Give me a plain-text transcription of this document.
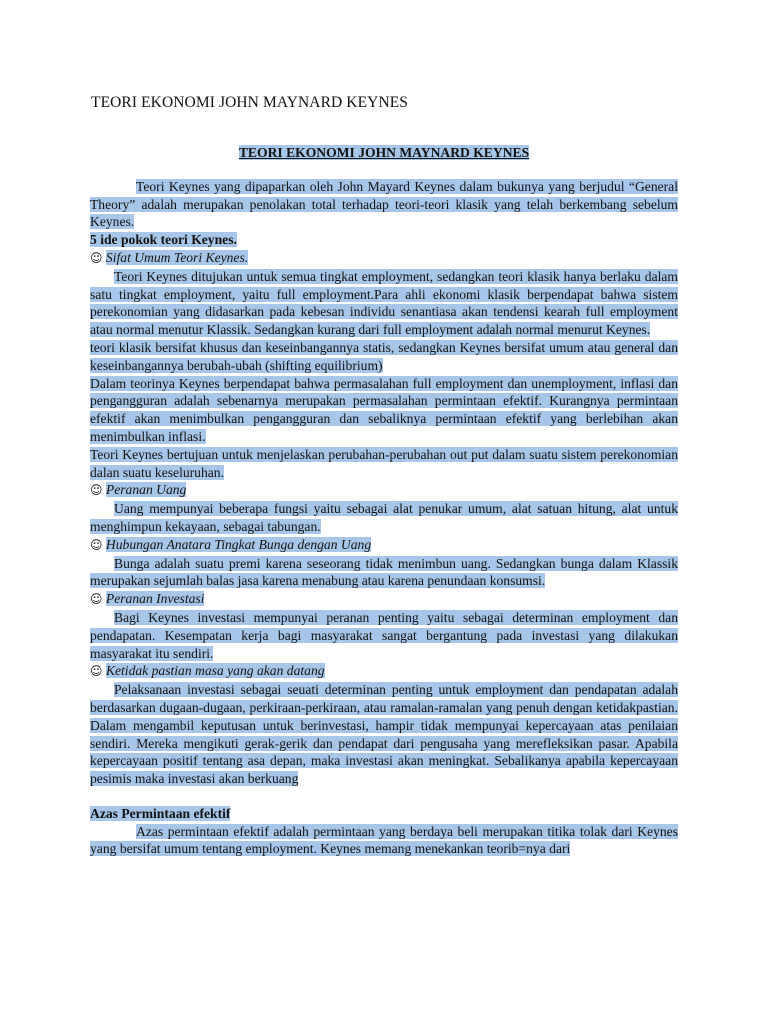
TEORI EKONOMI JOHN MAYNARD KEYNES

TEORI EKONOMI JOHN MAYNARD KEYNES

Teori Keynes yang dipaparkan oleh John Mayard Keynes dalam bukunya yang berjudul “General Theory” adalah merupakan penolakan total terhadap teori-teori klasik yang telah berkembang sebelum Keynes.

5 ide pokok teori Keynes.

☺ Sifat Umum Teori Keynes.

Teori Keynes ditujukan untuk semua tingkat employment, sedangkan teori klasik hanya berlaku dalam satu tingkat employment, yaitu full employment.Para ahli ekonomi klasik berpendapat bahwa sistem perekonomian yang didasarkan pada kebesan individu senantiasa akan tendensi kearah full employment atau normal menutur Klassik. Sedangkan kurang dari full employment adalah normal menurut Keynes.

teori klasik bersifat khusus dan keseinbangannya statis, sedangkan Keynes bersifat umum atau general dan keseinbangannya berubah-ubah (shifting equilibrium)

Dalam teorinya Keynes berpendapat bahwa permasalahan full employment dan unemployment, inflasi dan pengangguran adalah sebenarnya merupakan permasalahan permintaan efektif. Kurangnya permintaan efektif akan menimbulkan pengangguran dan sebaliknya permintaan efektif yang berlebihan akan menimbulkan inflasi.

Teori Keynes bertujuan untuk menjelaskan perubahan-perubahan out put dalam suatu sistem perekonomian dalan suatu keseluruhan.

☺ Peranan Uang

Uang mempunyai beberapa fungsi yaitu sebagai alat penukar umum, alat satuan hitung, alat untuk menghimpun kekayaan, sebagai tabungan.

☺ Hubungan Anatara Tingkat Bunga dengan Uang

Bunga adalah suatu premi karena seseorang tidak menimbun uang. Sedangkan bunga dalam Klassik merupakan sejumlah balas jasa karena menabung atau karena penundaan konsumsi.

☺ Peranan Investasi

Bagi Keynes investasi mempunyai peranan penting yaitu sebagai determinan employment dan pendapatan. Kesempatan kerja bagi masyarakat sangat bergantung pada investasi yang dilakukan masyarakat itu sendiri.

☺ Ketidak pastian masa yang akan datang

Pelaksanaan investasi sebagai seuati determinan penting untuk employment dan pendapatan adalah berdasarkan dugaan-dugaan, perkiraan-perkiraan, atau ramalan-ramalan yang penuh dengan ketidakpastian. Dalam mengambil keputusan untuk berinvestasi, hampir tidak mempunyai kepercayaan atas penilaian sendiri. Mereka mengikuti gerak-gerik dan pendapat dari pengusaha yang merefleksikan pasar. Apabila kepercayaan positif tentang asa depan, maka investasi akan meningkat. Sebalikanya apabila kepercayaan pesimis maka investasi akan berkuang

Azas Permintaan efektif

Azas permintaan efektif adalah permintaan yang berdaya beli merupakan titika tolak dari Keynes yang bersifat umum tentang employment. Keynes memang menekankan teorib=nya dari
